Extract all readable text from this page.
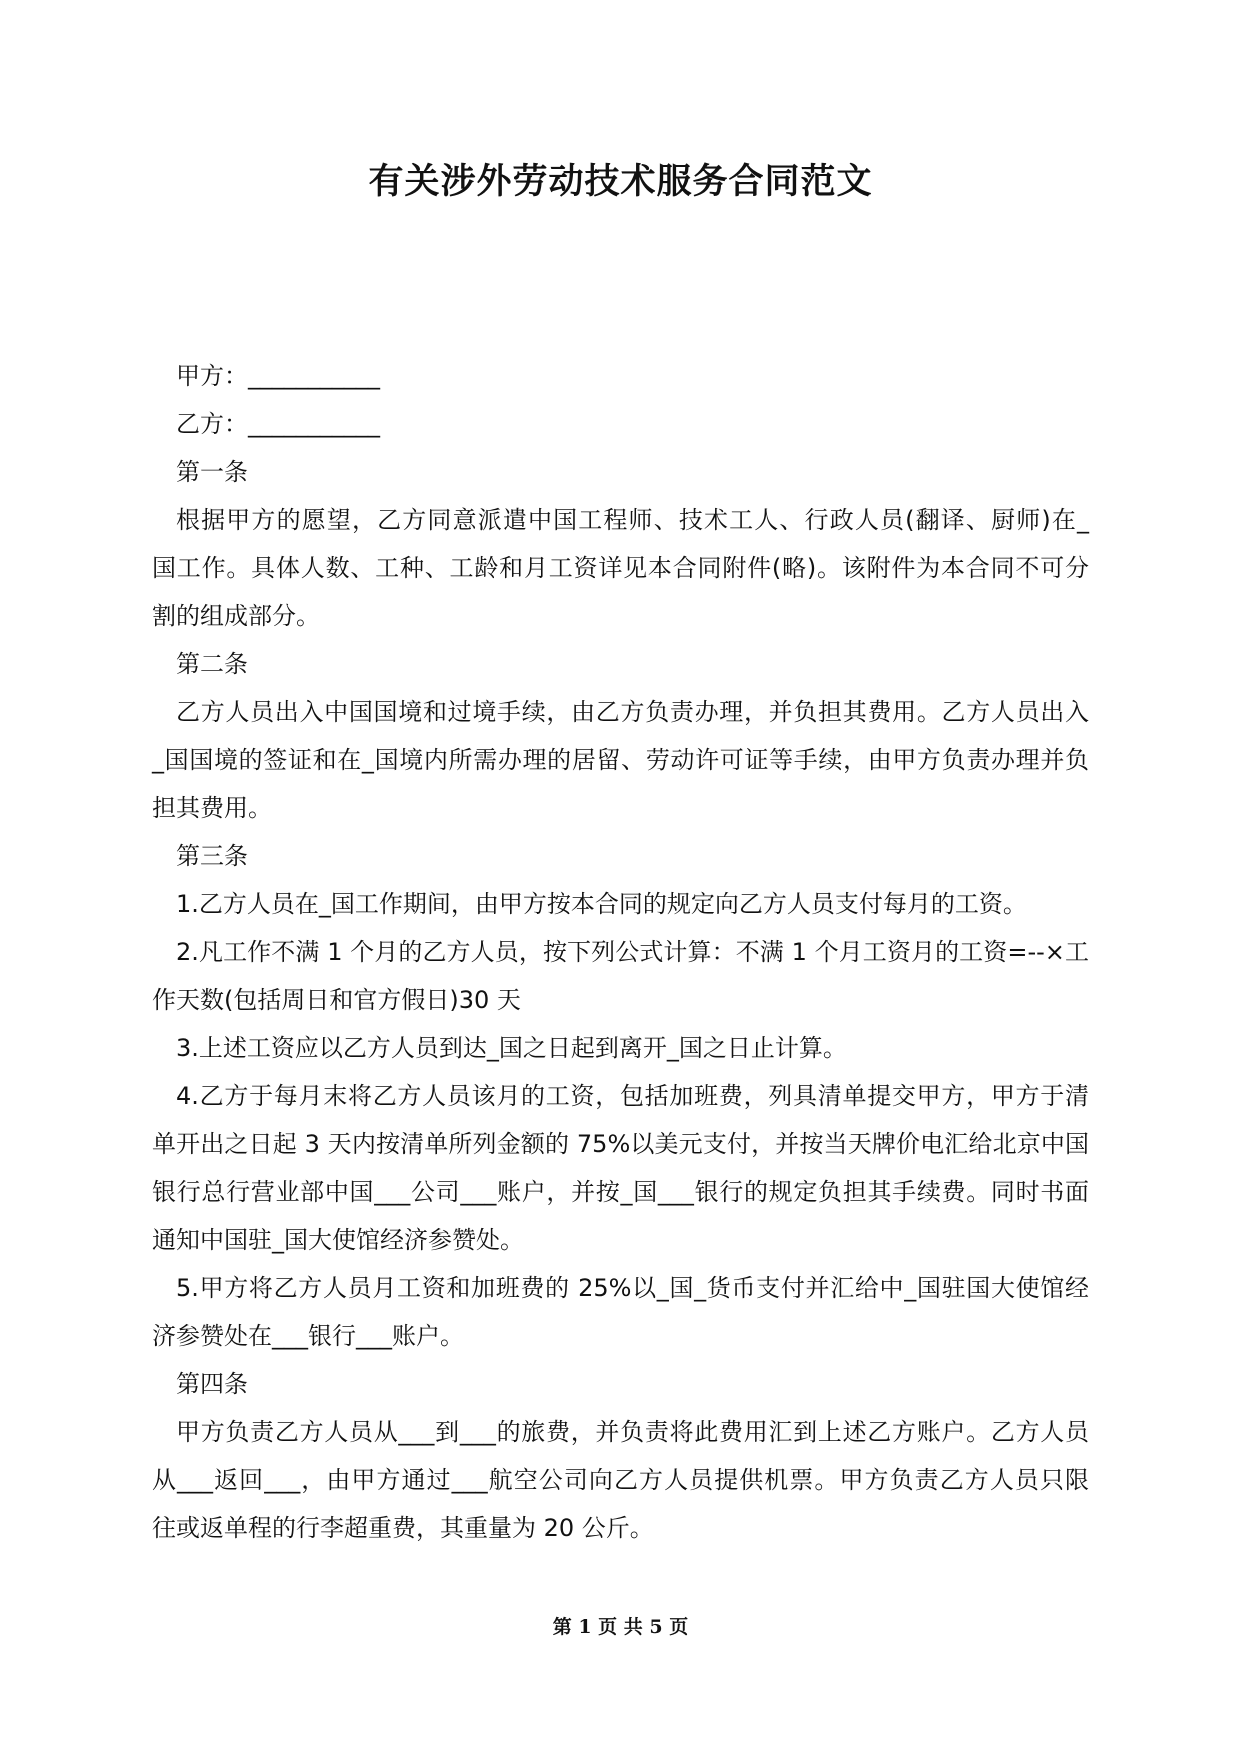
有关涉外劳动技术服务合同范文
甲方：___________
乙方：___________
第一条
根据甲方的愿望，乙方同意派遣中国工程师、技术工人、行政人员(翻译、厨师)在_
国工作。具体人数、工种、工龄和月工资详见本合同附件(略)。该附件为本合同不可分
割的组成部分。
第二条
乙方人员出入中国国境和过境手续，由乙方负责办理，并负担其费用。乙方人员出入
_国国境的签证和在_国境内所需办理的居留、劳动许可证等手续，由甲方负责办理并负
担其费用。
第三条
1.乙方人员在_国工作期间，由甲方按本合同的规定向乙方人员支付每月的工资。
2.凡工作不满 1 个月的乙方人员，按下列公式计算：不满 1 个月工资月的工资=--×工
作天数(包括周日和官方假日)30 天
3.上述工资应以乙方人员到达_国之日起到离开_国之日止计算。
4.乙方于每月末将乙方人员该月的工资，包括加班费，列具清单提交甲方，甲方于清
单开出之日起 3 天内按清单所列金额的 75%以美元支付，并按当天牌价电汇给北京中国
银行总行营业部中国___公司___账户，并按_国___银行的规定负担其手续费。同时书面
通知中国驻_国大使馆经济参赞处。
5.甲方将乙方人员月工资和加班费的 25%以_国_货币支付并汇给中_国驻国大使馆经
济参赞处在___银行___账户。
第四条
甲方负责乙方人员从___到___的旅费，并负责将此费用汇到上述乙方账户。乙方人员
从___返回___，由甲方通过___航空公司向乙方人员提供机票。甲方负责乙方人员只限
往或返单程的行李超重费，其重量为 20 公斤。
第 1 页 共 5 页
